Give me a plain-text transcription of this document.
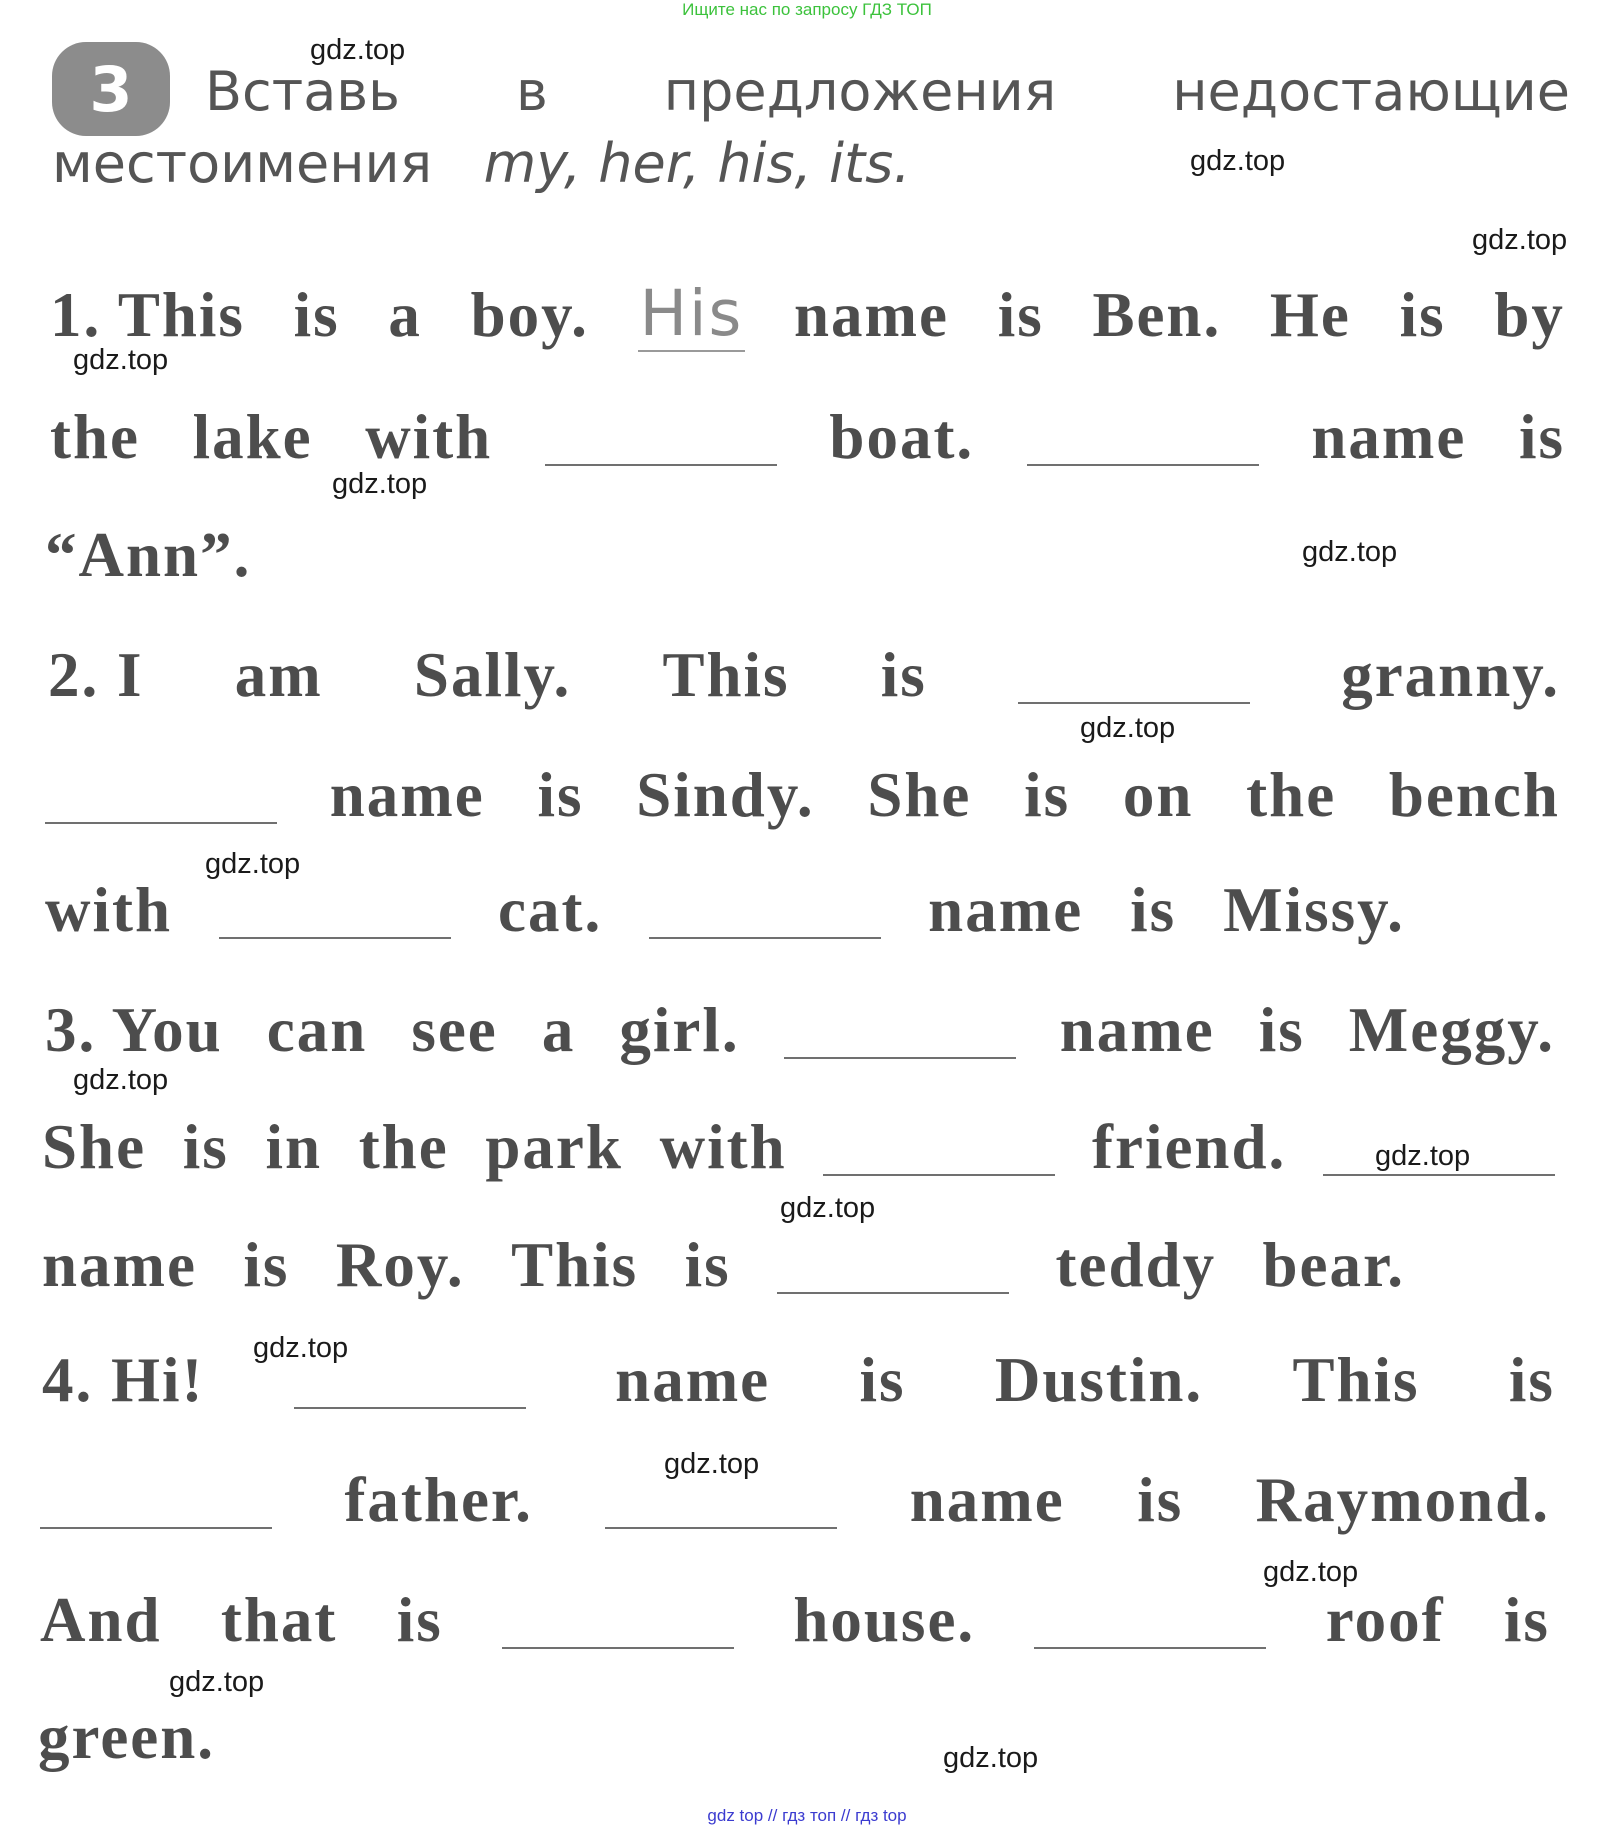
Ищите нас по запросу ГДЗ ТОП
3	Вставь в предложения недостающие
местоимения my, her, his, its.
1. This is a boy. His name is Ben. He is by
the lake with	boat.	name is
“Ann”.
2. I am Sally. This is	granny.
name is Sindy. She is on the bench
with	cat.	name is Missy.
3. You can see a girl.	name is Meggy.
She is in the park with	friend.
name is Roy. This is	teddy bear.
4. Hi!	name is Dustin. This is
father.	name is Raymond.
And that is	house.	roof is
green.
gdz.top
gdz.top
gdz.top
gdz.top
gdz.top
gdz.top
gdz.top
gdz.top
gdz.top
gdz.top
gdz.top
gdz.top
gdz.top
gdz.top
gdz.top
gdz.top
gdz top // гдз топ // гдз top
